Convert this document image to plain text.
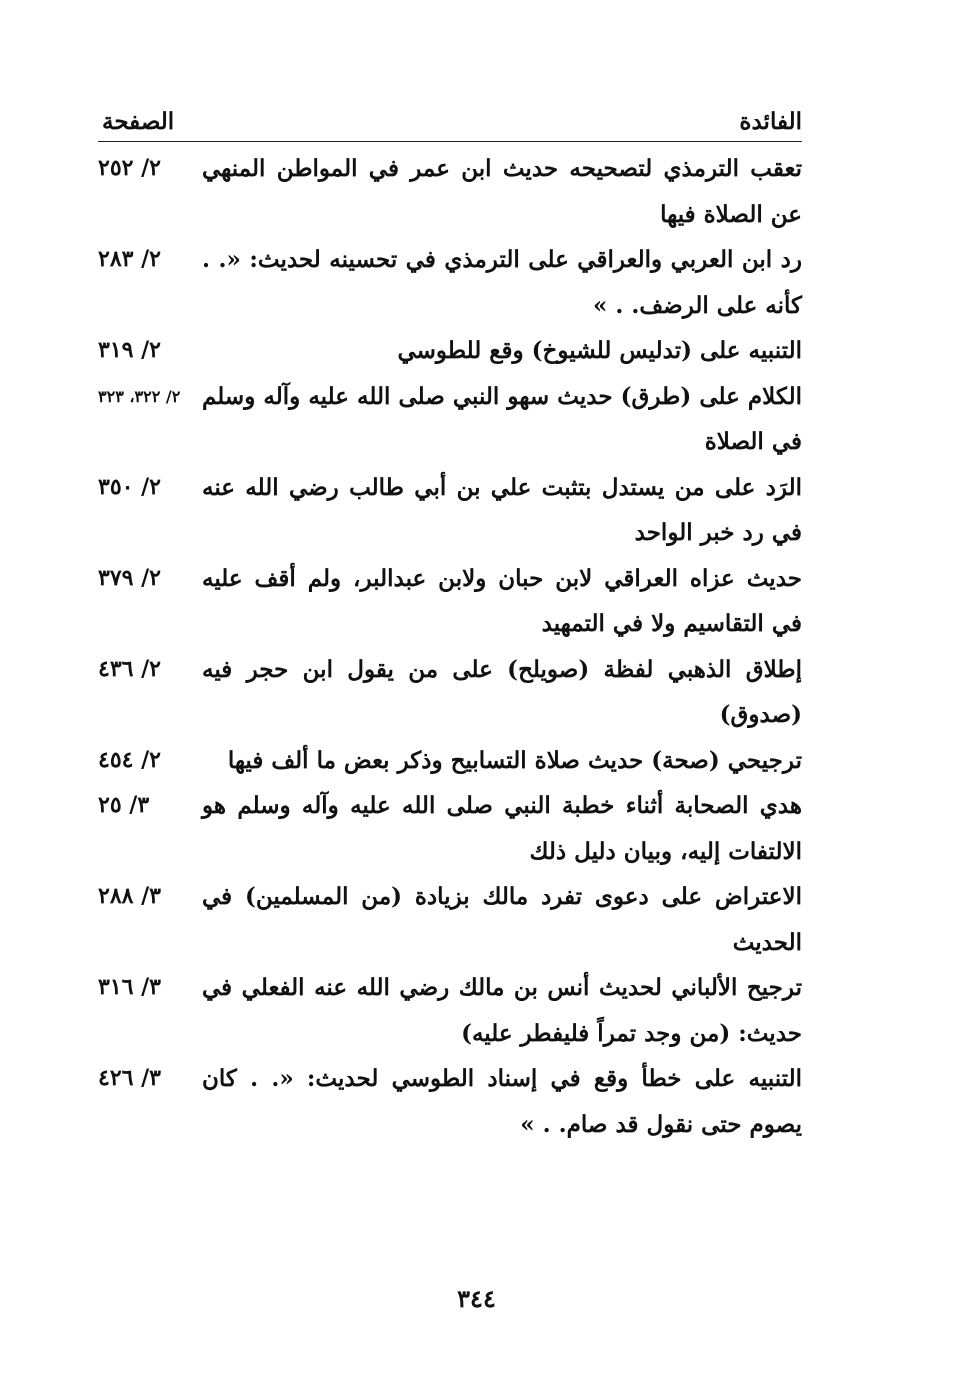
الفائدة
الصفحة
تعقب الترمذي لتصحيحه حديث ابن عمر في المواطن المنهي عن الصلاة فيها
٢/ ٢٥٢
رد ابن العربي والعراقي على الترمذي في تحسينه لحديث: «. . كأنه على الرضف. . »
٢/ ٢٨٣
التنبيه على (تدليس للشيوخ) وقع للطوسي
٢/ ٣١٩
الكلام على (طرق) حديث سهو النبي صلى الله عليه وآله وسلم في الصلاة
٢/ ٣٢٢، ٣٢٣
الرَد على من يستدل بتثبت علي بن أبي طالب رضي الله عنه في رد خبر الواحد
٢/ ٣٥٠
حديث عزاه العراقي لابن حبان ولابن عبدالبر، ولم أقف عليه في التقاسيم ولا في التمهيد
٢/ ٣٧٩
إطلاق الذهبي لفظة (صويلح) على من يقول ابن حجر فيه (صدوق)
٢/ ٤٣٦
ترجيحي (صحة) حديث صلاة التسابيح وذكر بعض ما ألف فيها
٢/ ٤٥٤
هدي الصحابة أثناء خطبة النبي صلى الله عليه وآله وسلم هو الالتفات إليه، وبيان دليل ذلك
٣/ ٢٥
الاعتراض على دعوى تفرد مالك بزيادة (من المسلمين) في الحديث
٣/ ٢٨٨
ترجيح الألباني لحديث أنس بن مالك رضي الله عنه الفعلي في حديث: (من وجد تمراً فليفطر عليه)
٣/ ٣١٦
التنبيه على خطأ وقع في إسناد الطوسي لحديث: «. . كان يصوم حتى نقول قد صام. . »
٣/ ٤٢٦
٣٤٤
